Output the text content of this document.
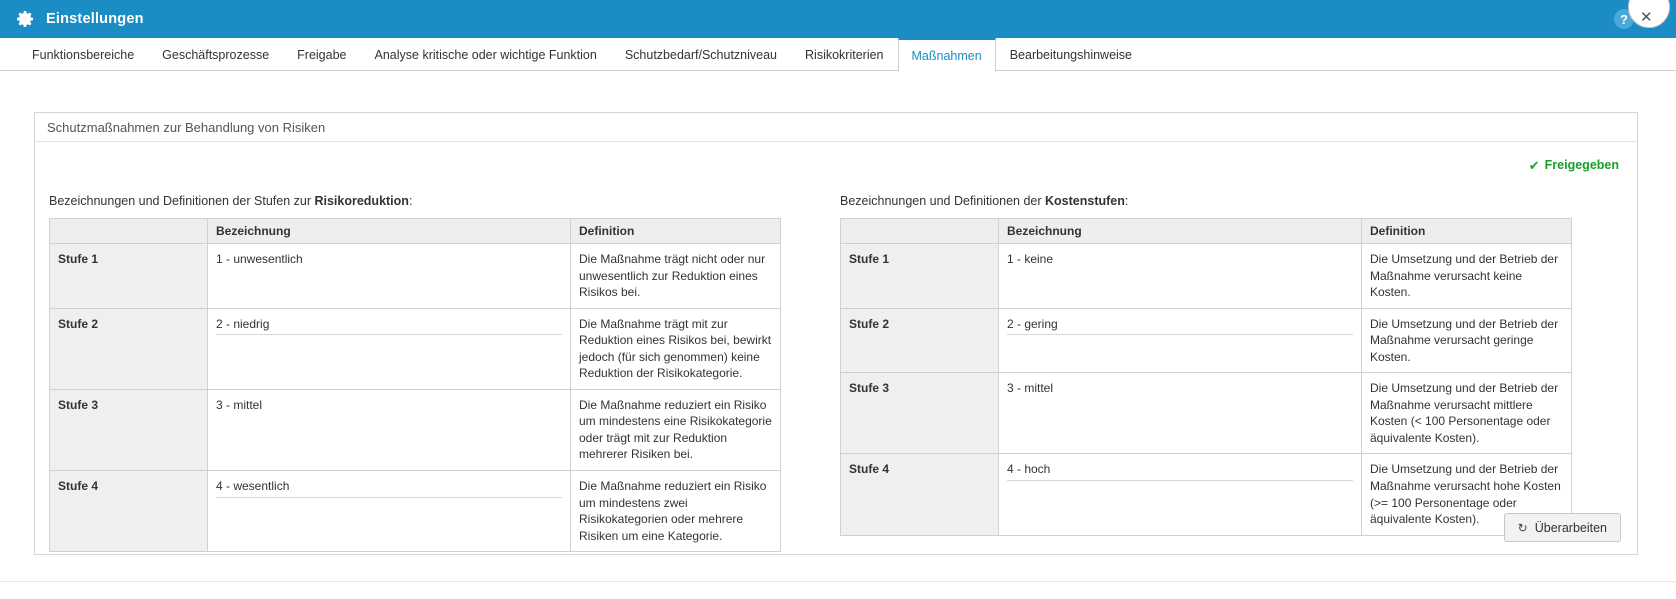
Einstellungen	? ✕
Funktionsbereiche	Geschäftsprozesse	Freigabe	Analyse kritische oder wichtige Funktion	Schutzbedarf/Schutzniveau	Risikokriterien	Maßnahmen	Bearbeitungshinweise
Schutzmaßnahmen zur Behandlung von Risiken
✔ Freigegeben
Bezeichnungen und Definitionen der Stufen zur Risikoreduktion:
	Bezeichnung	Definition
Stufe 1	1 - unwesentlich	Die Maßnahme trägt nicht oder nur unwesentlich zur Reduktion eines Risikos bei.
Stufe 2	2 - niedrig	Die Maßnahme trägt mit zur Reduktion eines Risikos bei, bewirkt jedoch (für sich genommen) keine Reduktion der Risikokategorie.
Stufe 3	3 - mittel	Die Maßnahme reduziert ein Risiko um mindestens eine Risikokategorie oder trägt mit zur Reduktion mehrerer Risiken bei.
Stufe 4	4 - wesentlich	Die Maßnahme reduziert ein Risiko um mindestens zwei Risikokategorien oder mehrere Risiken um eine Kategorie.
Bezeichnungen und Definitionen der Kostenstufen:
	Bezeichnung	Definition
Stufe 1	1 - keine	Die Umsetzung und der Betrieb der Maßnahme verursacht keine Kosten.
Stufe 2	2 - gering	Die Umsetzung und der Betrieb der Maßnahme verursacht geringe Kosten.
Stufe 3	3 - mittel	Die Umsetzung und der Betrieb der Maßnahme verursacht mittlere Kosten (< 100 Personentage oder äquivalente Kosten).
Stufe 4	4 - hoch	Die Umsetzung und der Betrieb der Maßnahme verursacht hohe Kosten (>= 100 Personentage oder äquivalente Kosten).
↻ Überarbeiten
